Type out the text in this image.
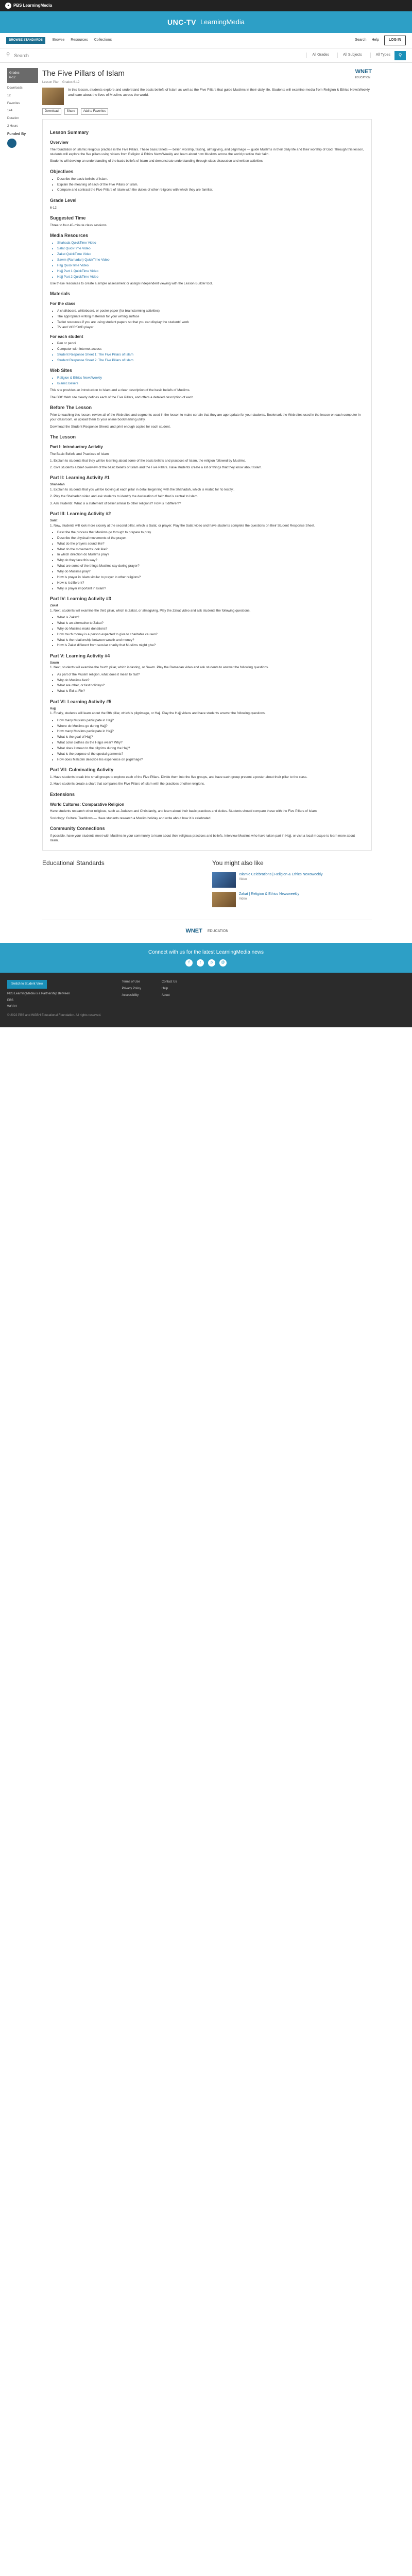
●	PBS LearningMedia
UNC-TV LearningMedia
BROWSE STANDARDS	Browse Resources Collections	Search Help	LOG IN
⚲
Search	All Grades	All Subjects	All Types	⚲
Grades
6-12
Downloads
12
Favorites
144
Duration
2 Hours
Funded By
The Five Pillars of Islam
Lesson Plan Grades 6-12
WNET
EDUCATION

In this lesson, students explore and understand the basic beliefs of Islam as well as the Five Pillars that guide Muslims in their daily life. Students will examine media from Religion & Ethics NewsWeekly and learn about the lives of Muslims across the world.

Download	Share	Add to Favorites
Lesson Summary
Overview

The foundation of Islamic religious practice is the Five Pillars. These basic tenets — belief, worship, fasting, almsgiving, and pilgrimage — guide Muslims in their daily life and their worship of God. Through this lesson, students will explore the five pillars using videos from Religion & Ethics NewsWeekly and learn about how Muslims across the world practice their faith.

Students will develop an understanding of the basic beliefs of Islam and demonstrate understanding through class discussion and written activities.

Objectives
• Describe the basic beliefs of Islam.
• Explain the meaning of each of the Five Pillars of Islam.
• Compare and contrast the Five Pillars of Islam with the duties of other religions with which they are familiar.
Grade Level

6-12

Suggested Time

Three to four 45-minute class sessions

Media Resources
• Shahada QuickTime Video
• Salat QuickTime Video
• Zakat QuickTime Video
• Sawm (Ramadan) QuickTime Video
• Hajj QuickTime Video
• Hajj Part 1 QuickTime Video
• Hajj Part 2 QuickTime Video

Use these resources to create a simple assessment or assign independent viewing with the Lesson Builder tool.

Materials
For the class
• A chalkboard, whiteboard, or poster paper (for brainstorming activities)
• The appropriate writing materials for your writing surface
• Tablet resources if you are using student papers so that you can display the students' work
• TV and VCR/DVD player
For each student
• Pen or pencil
• Computer with Internet access
• Student Response Sheet 1: The Five Pillars of Islam
• Student Response Sheet 2: The Five Pillars of Islam
Web Sites
• Religion & Ethics NewsWeekly
• Islamic Beliefs

This site provides an introduction to Islam and a clear description of the basic beliefs of Muslims.

The BBC Web site clearly defines each of the Five Pillars, and offers a detailed description of each.

Before The Lesson

Prior to teaching this lesson, review all of the Web sites and segments used in the lesson to make certain that they are appropriate for your students. Bookmark the Web sites used in the lesson on each computer in your classroom, or upload them to your online bookmarking utility.

Download the Student Response Sheets and print enough copies for each student.

The Lesson
Part I: Introductory Activity

The Basic Beliefs and Practices of Islam

1. Explain to students that they will be learning about some of the basic beliefs and practices of Islam, the religion followed by Muslims.

2. Give students a brief overview of the basic beliefs of Islam and the Five Pillars. Have students create a list of things that they know about Islam.

Part II: Learning Activity #1
Shahadah

1. Explain to students that you will be looking at each pillar in detail beginning with the Shahadah, which is Arabic for 'to testify'.

2. Play the Shahadah video and ask students to identify the declaration of faith that is central to Islam.

3. Ask students: What is a statement of belief similar to other religions? How is it different?

Part III: Learning Activity #2
Salat

1. Now, students will look more closely at the second pillar, which is Salat, or prayer. Play the Salat video and have students complete the questions on their Student Response Sheet.

• Describe the process that Muslims go through to prepare to pray.
• Describe the physical movements of the prayer.
• What do the prayers sound like?
• What do the movements look like?
• In which direction do Muslims pray?
• Why do they face this way?
• What are some of the things Muslims say during prayer?
• Why do Muslims pray?
• How is prayer in Islam similar to prayer in other religions?
• How is it different?
• Why is prayer important in Islam?
Part IV: Learning Activity #3
Zakat

1. Next, students will examine the third pillar, which is Zakat, or almsgiving. Play the Zakat video and ask students the following questions.

• What is Zakat?
• What is an alternative to Zakat?
• Why do Muslims make donations?
• How much money is a person expected to give to charitable causes?
• What is the relationship between wealth and money?
• How is Zakat different from secular charity that Muslims might give?
Part V: Learning Activity #4
Sawm

1. Next, students will examine the fourth pillar, which is fasting, or Sawm. Play the Ramadan video and ask students to answer the following questions.

• As part of the Muslim religion, what does it mean to fast?
• Why do Muslims fast?
• What are other, or fast holidays?
• What is Eid al-Fitr?
Part VI: Learning Activity #5
Hajj

1. Finally, students will learn about the fifth pillar, which is pilgrimage, or Hajj. Play the Hajj videos and have students answer the following questions.

• How many Muslims participate in Hajj?
• Where do Muslims go during Hajj?
• How many Muslims participate in Hajj?
• What is the goal of Hajj?
• What color clothes do the Hajjis wear? Why?
• What does it mean to the pilgrims during the Hajj?
• What is the purpose of the special garments?
• How does Malcolm describe his experience on pilgrimage?
Part VII: Culminating Activity

1. Have students break into small groups to explore each of the Five Pillars. Divide them into the five groups, and have each group present a poster about their pillar to the class.

2. Have students create a chart that compares the Five Pillars of Islam with the practices of other religions.

Extensions
World Cultures: Comparative Religion

Have students research other religious, such as Judaism and Christianity, and learn about their basic practices and duties. Students should compare these with the Five Pillars of Islam.

Sociology: Cultural Traditions — Have students research a Muslim holiday and write about how it is celebrated.

Community Connections

If possible, have your students meet with Muslims in your community to learn about their religious practices and beliefs. Interview Muslims who have taken part in Hajj, or visit a local mosque to learn more about Islam.

Educational Standards	You might also like
Islamic Celebrations | Religion & Ethics Newsweekly
Video
Zakat | Religion & Ethics Newsweekly
Video
WNET EDUCATION
Connect with us for the latest LearningMedia news
f	t	p	@
Switch to Student View
PBS LearningMedia is a Partnership Between
PBS
WGBH
© 2022 PBS and WGBH Educational Foundation. All rights reserved.
Terms of Use
Privacy Policy
Accessibility
Contact Us
Help
About
